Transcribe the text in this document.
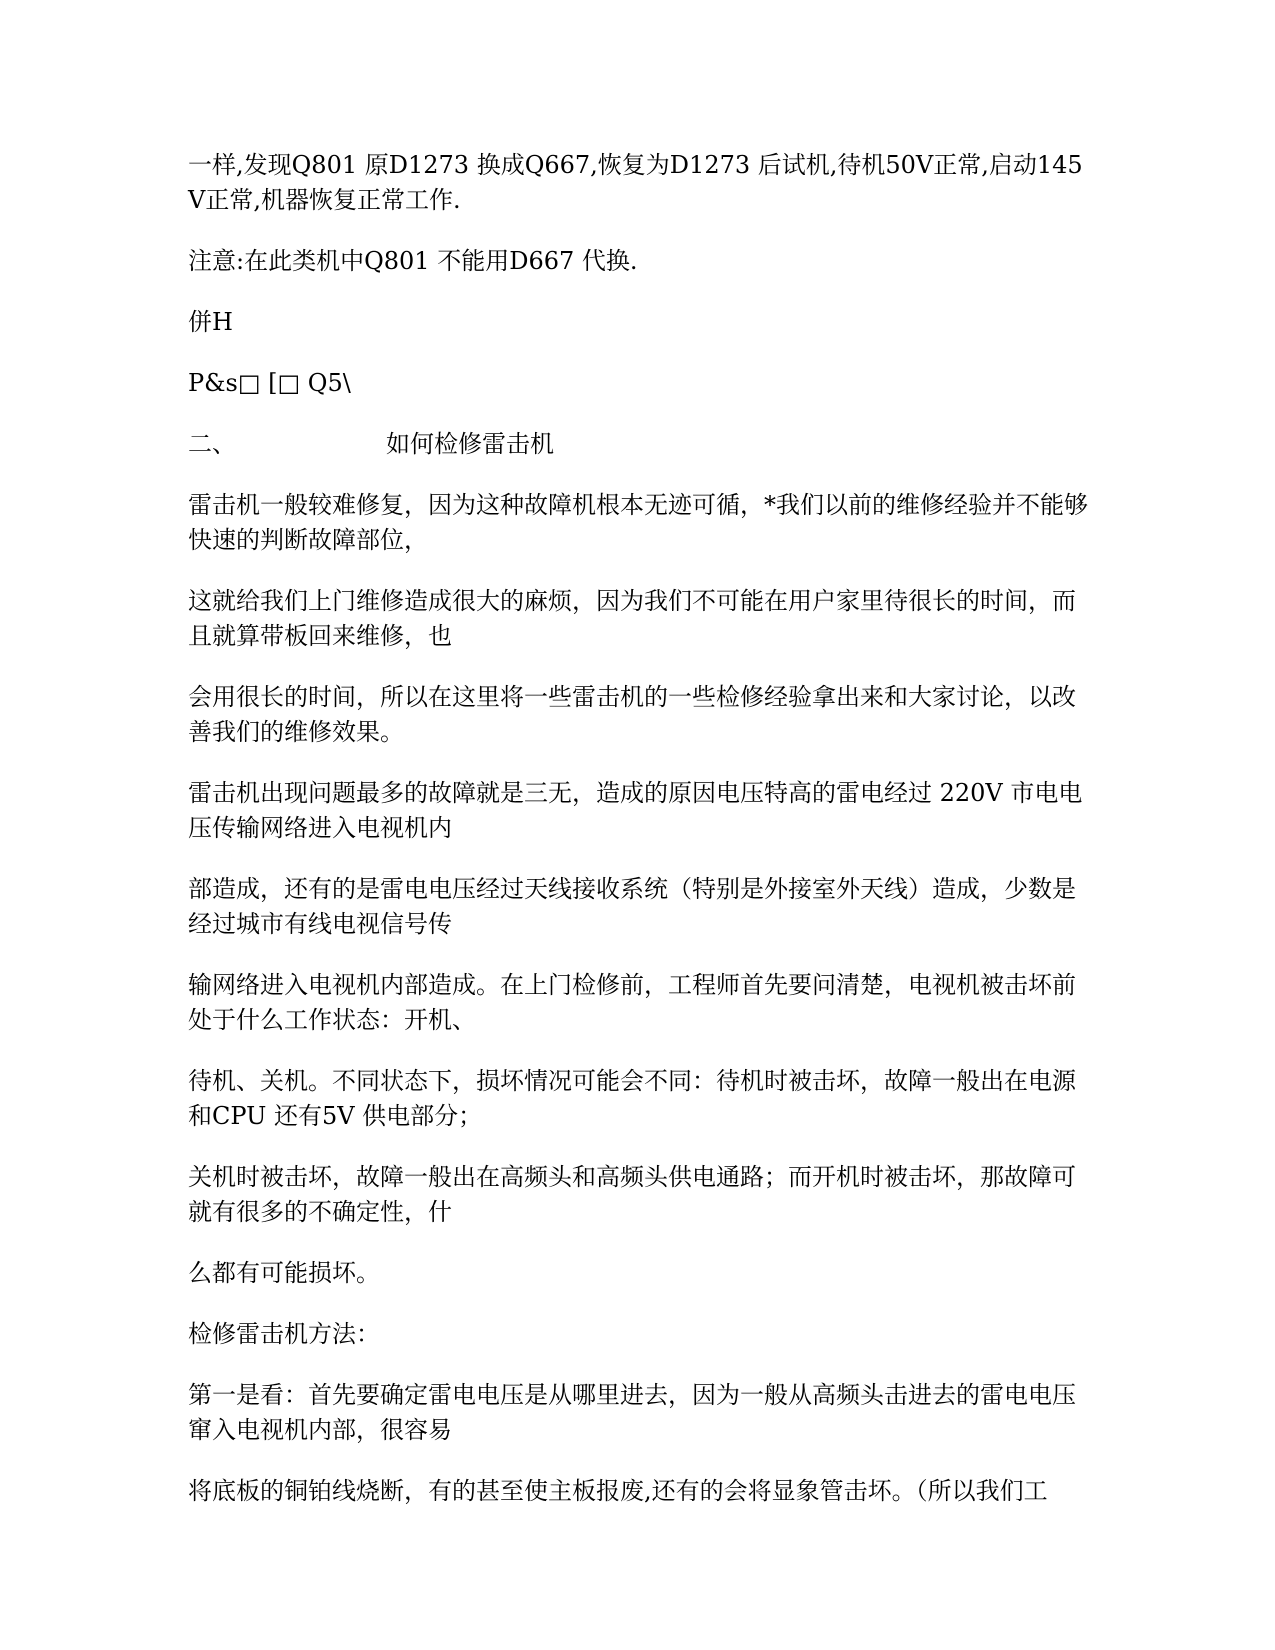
一样,发现Q801 原D1273 换成Q667,恢复为D1273 后试机,待机50V正常,启动145V正常,机器恢复正常工作.

注意:在此类机中Q801 不能用D667 代换.

併H

P&s□ [□ Q5\

二、	如何检修雷击机

雷击机一般较难修复，因为这种故障机根本无迹可循，*我们以前的维修经验并不能够快速的判断故障部位，

这就给我们上门维修造成很大的麻烦，因为我们不可能在用户家里待很长的时间，而且就算带板回来维修，也

会用很长的时间，所以在这里将一些雷击机的一些检修经验拿出来和大家讨论，以改善我们的维修效果。

雷击机出现问题最多的故障就是三无，造成的原因电压特高的雷电经过 220V 市电电压传输网络进入电视机内

部造成，还有的是雷电电压经过天线接收系统（特别是外接室外天线）造成，少数是经过城市有线电视信号传

输网络进入电视机内部造成。在上门检修前，工程师首先要问清楚，电视机被击坏前处于什么工作状态：开机、

待机、关机。不同状态下，损坏情况可能会不同：待机时被击坏，故障一般出在电源和CPU 还有5V 供电部分；

关机时被击坏，故障一般出在高频头和高频头供电通路；而开机时被击坏，那故障可就有很多的不确定性，什

么都有可能损坏。

检修雷击机方法：

第一是看：首先要确定雷电电压是从哪里进去，因为一般从高频头击进去的雷电电压窜入电视机内部，很容易

将底板的铜铂线烧断，有的甚至使主板报废,还有的会将显象管击坏。（所以我们工
